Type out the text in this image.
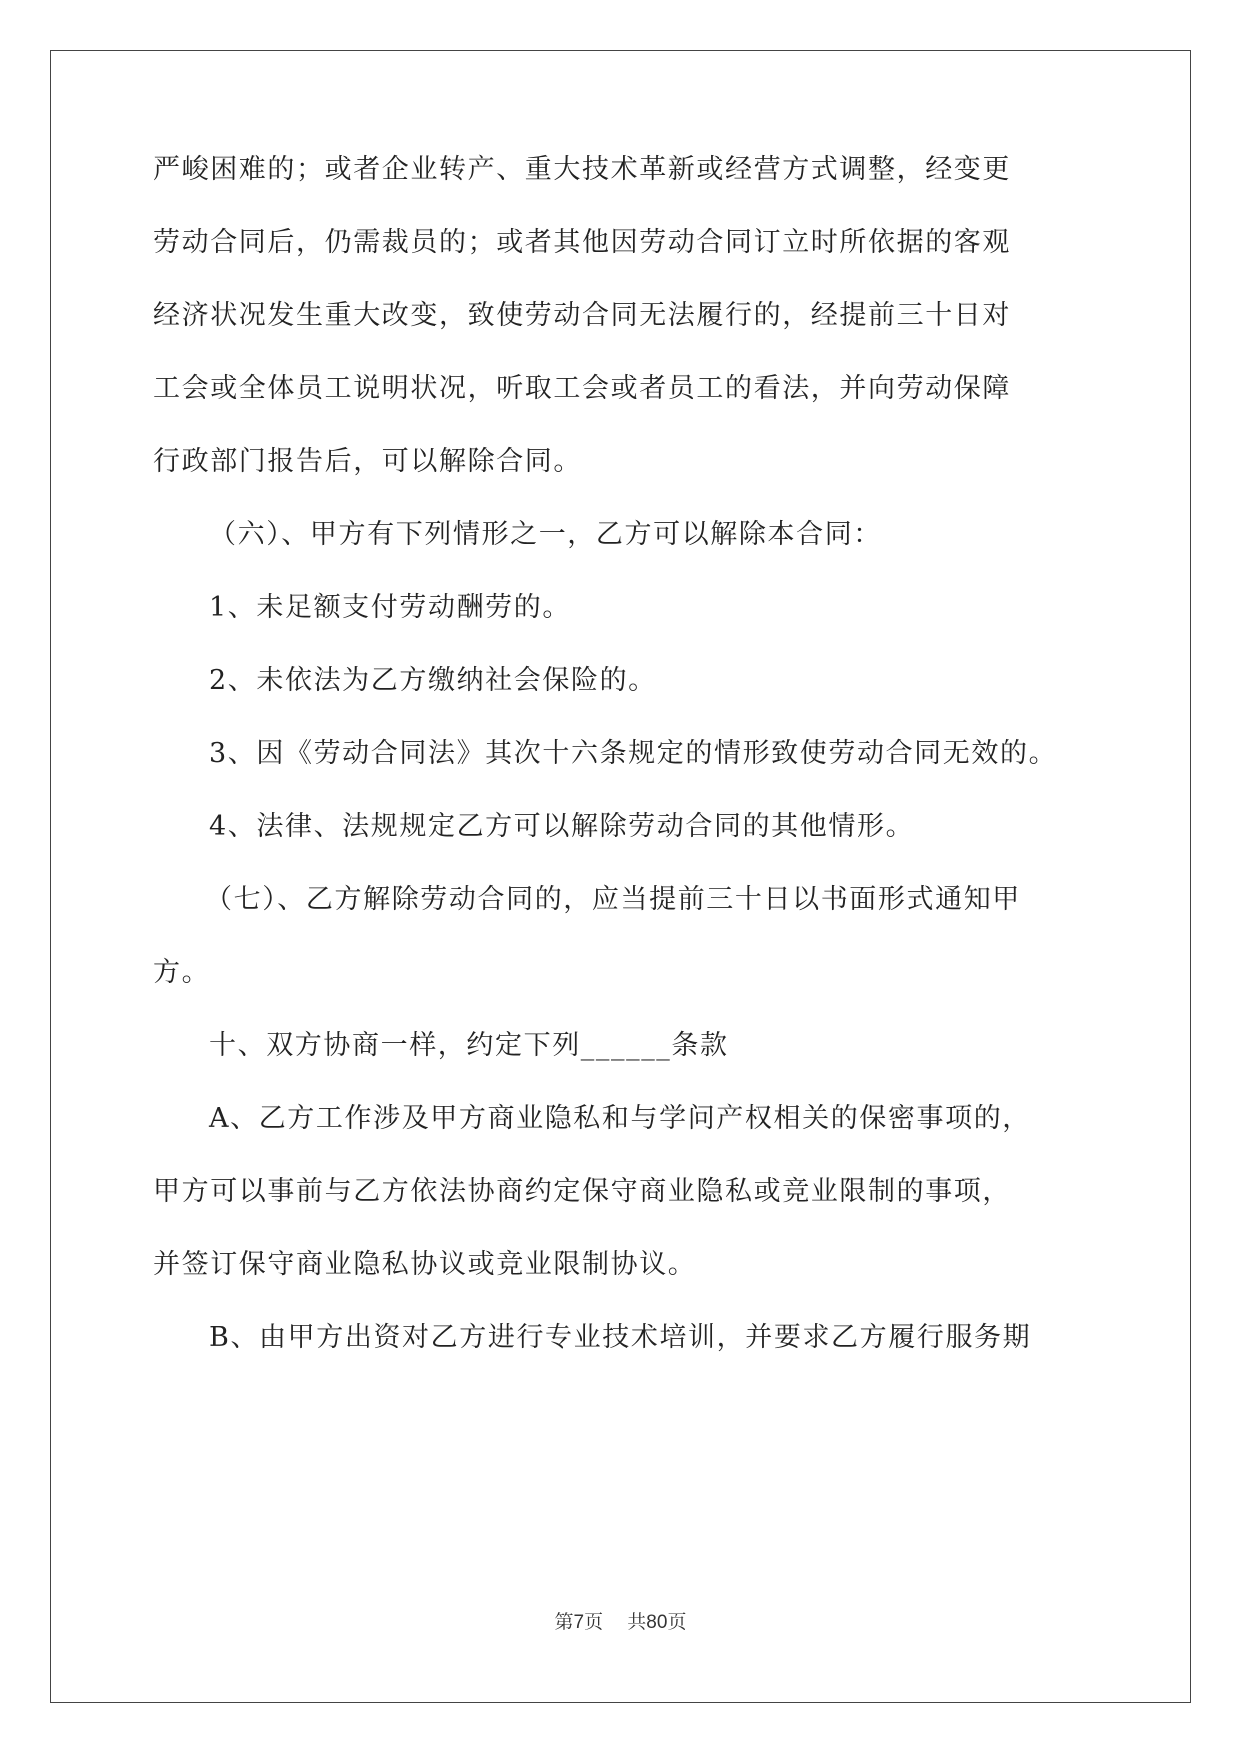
严峻困难的；或者企业转产、重大技术革新或经营方式调整，经变更
劳动合同后，仍需裁员的；或者其他因劳动合同订立时所依据的客观
经济状况发生重大改变，致使劳动合同无法履行的，经提前三十日对
工会或全体员工说明状况，听取工会或者员工的看法，并向劳动保障
行政部门报告后，可以解除合同。
（六）、甲方有下列情形之一，乙方可以解除本合同：
1、未足额支付劳动酬劳的。
2、未依法为乙方缴纳社会保险的。
3、因《劳动合同法》其次十六条规定的情形致使劳动合同无效的。
4、法律、法规规定乙方可以解除劳动合同的其他情形。
（七）、乙方解除劳动合同的，应当提前三十日以书面形式通知甲
方。
十、双方协商一样，约定下列______条款
A、乙方工作涉及甲方商业隐私和与学问产权相关的保密事项的，
甲方可以事前与乙方依法协商约定保守商业隐私或竞业限制的事项，
并签订保守商业隐私协议或竞业限制协议。
B、由甲方出资对乙方进行专业技术培训，并要求乙方履行服务期
第7页    共80页
